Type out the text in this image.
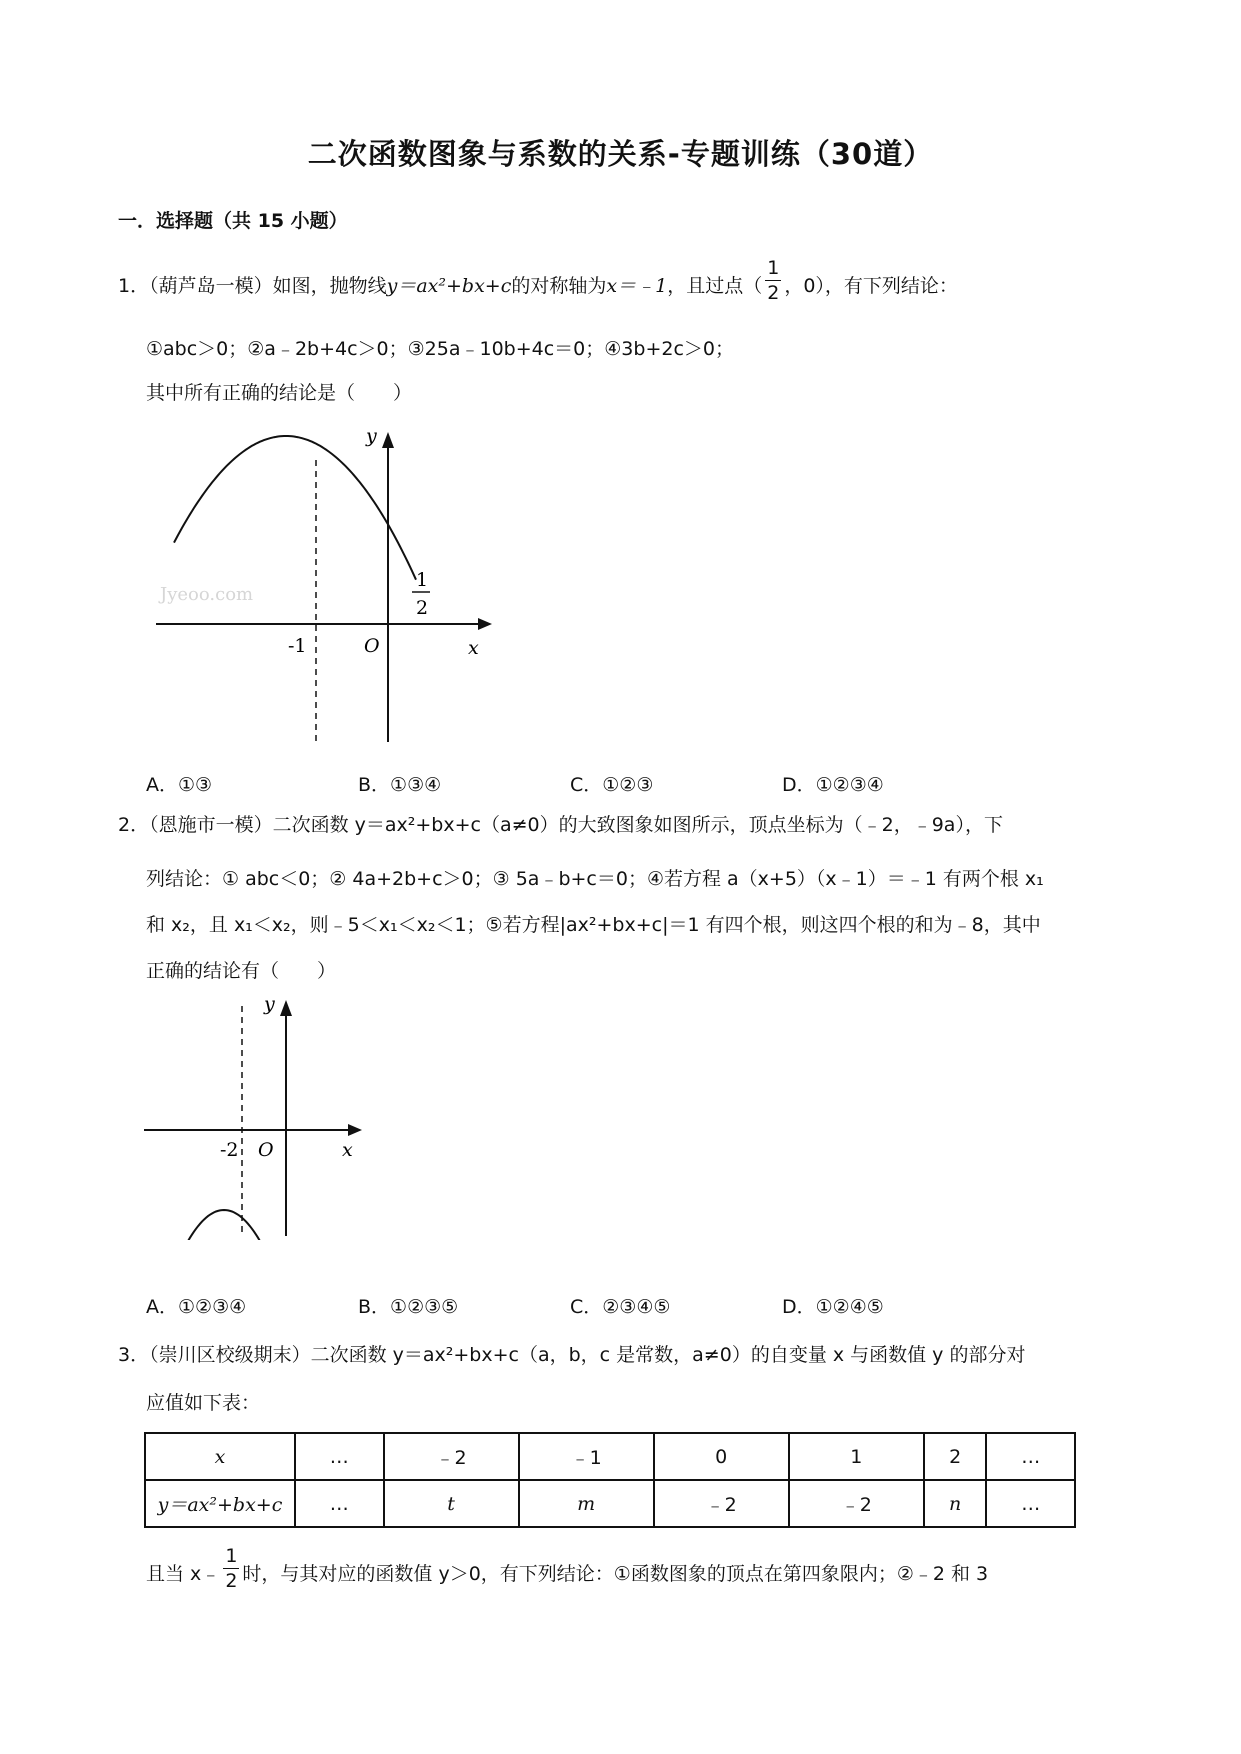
二次函数图象与系数的关系-专题训练（30道）
一．选择题（共 15 小题）
1．（葫芦岛一模）如图，抛物线y＝ax²+bx+c的对称轴为x＝﹣1，且过点（ $\frac{1}{2}$ ，0），有下列结论：
①abc＞0；②a﹣2b+4c＞0；③25a﹣10b+4c＝0；④3b+2c＞0；
其中所有正确的结论是（　　）
Jyeoo.com
x
y
O
-1
1
2
A．①③	B．①③④	C．①②③	D．①②③④
2．（恩施市一模）二次函数 y＝ax²+bx+c（a≠0）的大致图象如图所示，顶点坐标为（﹣2，﹣9a），下
列结论：① abc＜0；② 4a+2b+c＞0；③ 5a﹣b+c＝0；④若方程 a（x+5）（x﹣1）＝﹣1 有两个根 x₁
和 x₂，且 x₁＜x₂，则﹣5＜x₁＜x₂＜1；⑤若方程|ax²+bx+c|＝1 有四个根，则这四个根的和为﹣8，其中
正确的结论有（　　）
x
y
O
-2
A．①②③④	B．①②③⑤	C．②③④⑤	D．①②④⑤
3．（崇川区校级期末）二次函数 y＝ax²+bx+c（a，b，c 是常数，a≠0）的自变量 x 与函数值 y 的部分对
应值如下表：
x	…	﹣2	﹣1	0	1	2	…
y＝ax²+bx+c	…	t	m	﹣2	﹣2	n	…
且当 x﹣ $\frac{1}{2}$ 时，与其对应的函数值 y＞0，有下列结论：①函数图象的顶点在第四象限内；②﹣2 和 3
